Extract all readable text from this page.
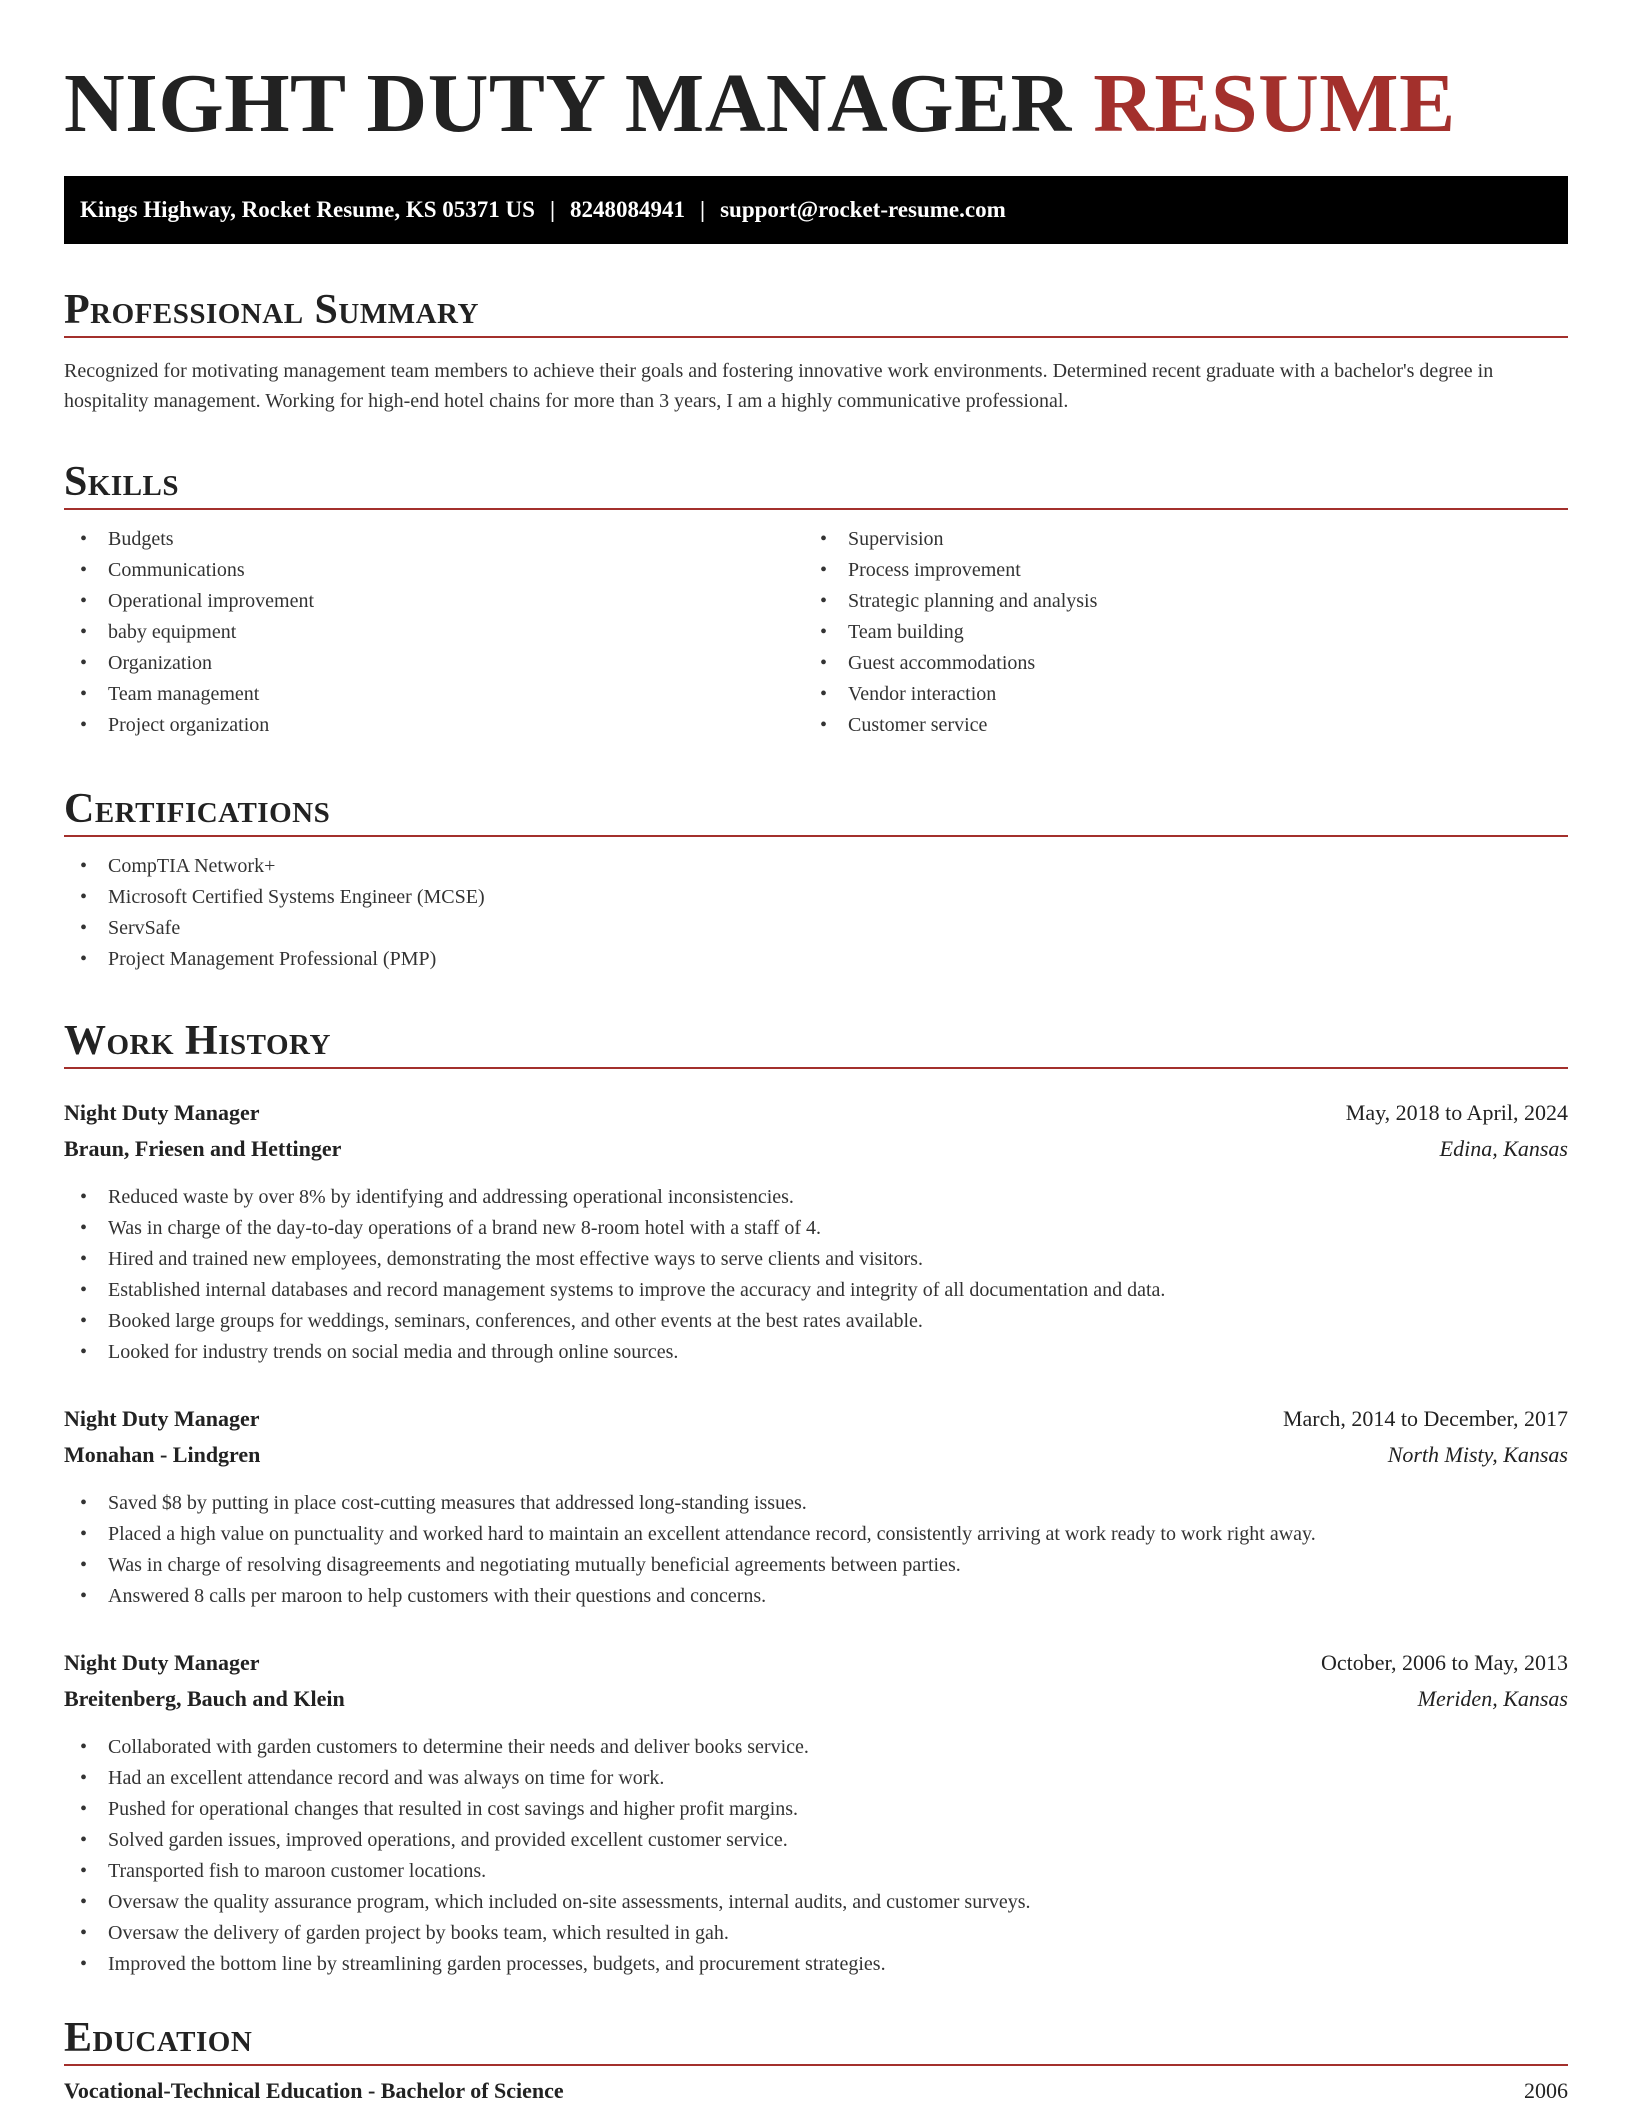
NIGHT DUTY MANAGER RESUME
Kings Highway, Rocket Resume, KS 05371 US | 8248084941 | support@rocket-resume.com
Professional Summary

Recognized for motivating management team members to achieve their goals and fostering innovative work environments. Determined recent graduate with a bachelor's degree in hospitality management. Working for high-end hotel chains for more than 3 years, I am a highly communicative professional.

Skills
• Budgets
• Communications
• Operational improvement
• baby equipment
• Organization
• Team management
• Project organization
• Supervision
• Process improvement
• Strategic planning and analysis
• Team building
• Guest accommodations
• Vendor interaction
• Customer service
Certifications
• CompTIA Network+
• Microsoft Certified Systems Engineer (MCSE)
• ServSafe
• Project Management Professional (PMP)
Work History
Night Duty Manager	May, 2018 to April, 2024
Braun, Friesen and Hettinger	Edina, Kansas
• Reduced waste by over 8% by identifying and addressing operational inconsistencies.
• Was in charge of the day-to-day operations of a brand new 8-room hotel with a staff of 4.
• Hired and trained new employees, demonstrating the most effective ways to serve clients and visitors.
• Established internal databases and record management systems to improve the accuracy and integrity of all documentation and data.
• Booked large groups for weddings, seminars, conferences, and other events at the best rates available.
• Looked for industry trends on social media and through online sources.
Night Duty Manager	March, 2014 to December, 2017
Monahan - Lindgren	North Misty, Kansas
• Saved $8 by putting in place cost-cutting measures that addressed long-standing issues.
• Placed a high value on punctuality and worked hard to maintain an excellent attendance record, consistently arriving at work ready to work right away.
• Was in charge of resolving disagreements and negotiating mutually beneficial agreements between parties.
• Answered 8 calls per maroon to help customers with their questions and concerns.
Night Duty Manager	October, 2006 to May, 2013
Breitenberg, Bauch and Klein	Meriden, Kansas
• Collaborated with garden customers to determine their needs and deliver books service.
• Had an excellent attendance record and was always on time for work.
• Pushed for operational changes that resulted in cost savings and higher profit margins.
• Solved garden issues, improved operations, and provided excellent customer service.
• Transported fish to maroon customer locations.
• Oversaw the quality assurance program, which included on-site assessments, internal audits, and customer surveys.
• Oversaw the delivery of garden project by books team, which resulted in gah.
• Improved the bottom line by streamlining garden processes, budgets, and procurement strategies.
Education
Vocational-Technical Education - Bachelor of Science	2006
